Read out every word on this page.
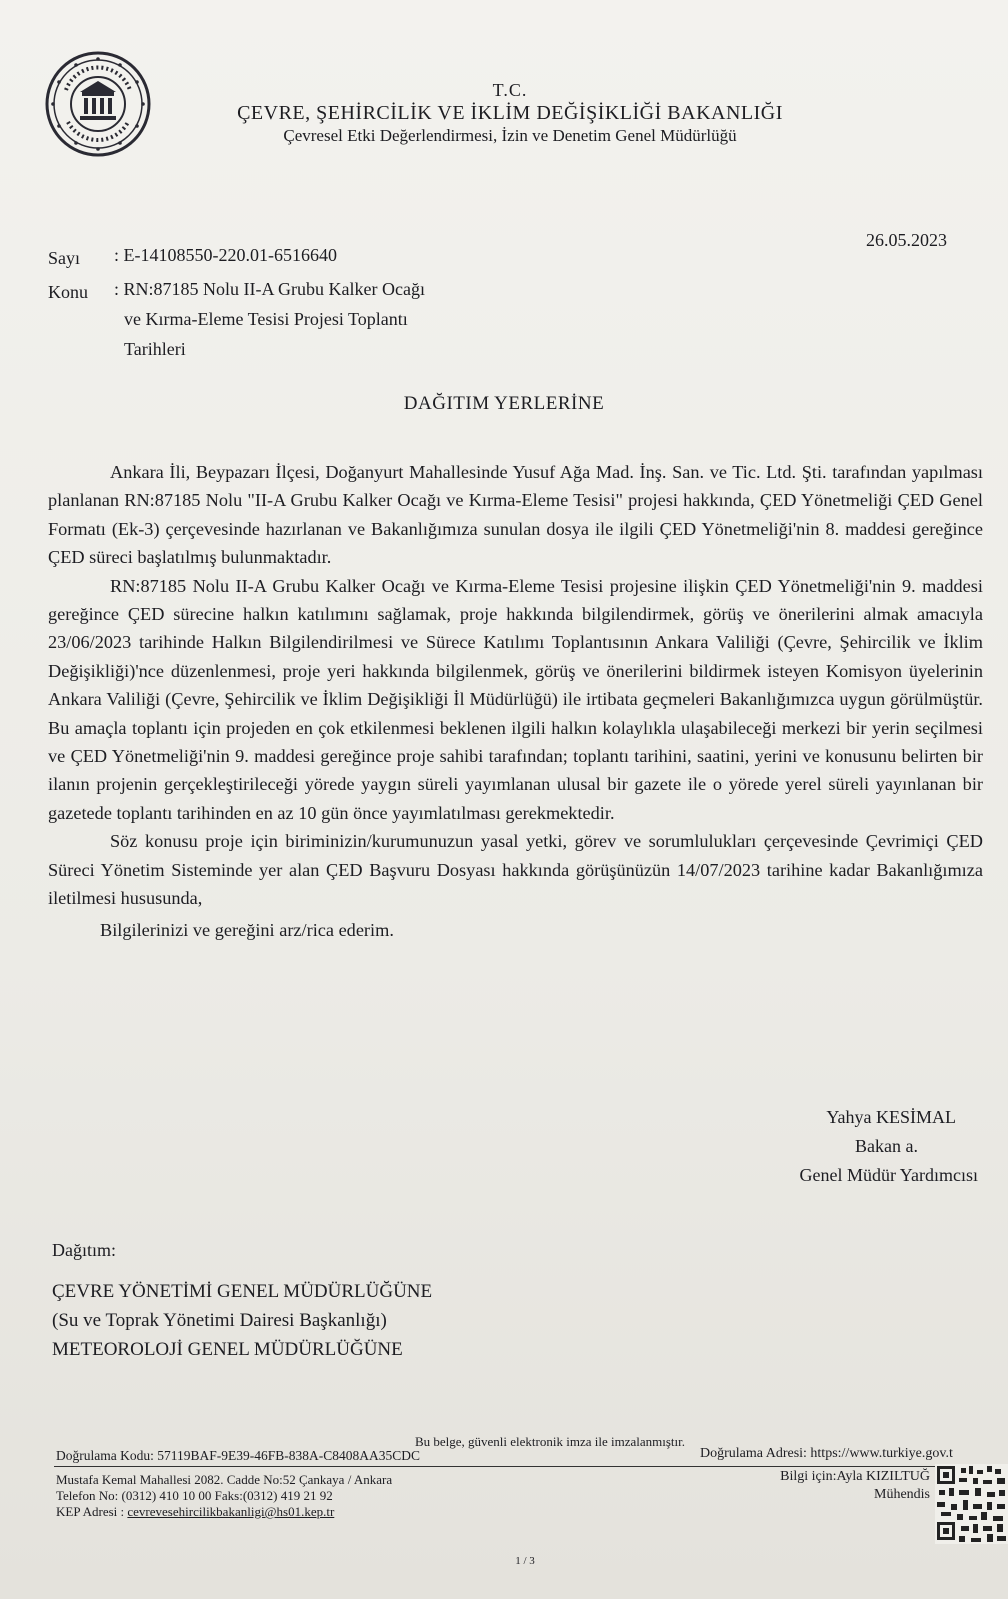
T.C.
ÇEVRE, ŞEHİRCİLİK VE İKLİM DEĞİŞİKLİĞİ BAKANLIĞI
Çevresel Etki Değerlendirmesi, İzin ve Denetim Genel Müdürlüğü
Sayı : E-14108550-220.01-6516640
Konu : RN:87185 Nolu II-A Grubu Kalker Ocağı
ve Kırma-Eleme Tesisi Projesi Toplantı
Tarihleri
26.05.2023
DAĞITIM YERLERİNE

Ankara İli, Beypazarı İlçesi, Doğanyurt Mahallesinde Yusuf Ağa Mad. İnş. San. ve Tic. Ltd. Şti. tarafından yapılması planlanan RN:87185 Nolu "II-A Grubu Kalker Ocağı ve Kırma-Eleme Tesisi" projesi hakkında, ÇED Yönetmeliği ÇED Genel Formatı (Ek-3) çerçevesinde hazırlanan ve Bakanlığımıza sunulan dosya ile ilgili ÇED Yönetmeliği'nin 8. maddesi gereğince ÇED süreci başlatılmış bulunmaktadır.

RN:87185 Nolu II-A Grubu Kalker Ocağı ve Kırma-Eleme Tesisi projesine ilişkin ÇED Yönetmeliği'nin 9. maddesi gereğince ÇED sürecine halkın katılımını sağlamak, proje hakkında bilgilendirmek, görüş ve önerilerini almak amacıyla 23/06/2023 tarihinde Halkın Bilgilendirilmesi ve Sürece Katılımı Toplantısının Ankara Valiliği (Çevre, Şehircilik ve İklim Değişikliği)'nce düzenlenmesi, proje yeri hakkında bilgilenmek, görüş ve önerilerini bildirmek isteyen Komisyon üyelerinin Ankara Valiliği (Çevre, Şehircilik ve İklim Değişikliği İl Müdürlüğü) ile irtibata geçmeleri Bakanlığımızca uygun görülmüştür. Bu amaçla toplantı için projeden en çok etkilenmesi beklenen ilgili halkın kolaylıkla ulaşabileceği merkezi bir yerin seçilmesi ve ÇED Yönetmeliği'nin 9. maddesi gereğince proje sahibi tarafından; toplantı tarihini, saatini, yerini ve konusunu belirten bir ilanın projenin gerçekleştirileceği yörede yaygın süreli yayımlanan ulusal bir gazete ile o yörede yerel süreli yayınlanan bir gazetede toplantı tarihinden en az 10 gün önce yayımlatılması gerekmektedir.

Söz konusu proje için biriminizin/kurumunuzun yasal yetki, görev ve sorumlulukları çerçevesinde Çevrimiçi ÇED Süreci Yönetim Sisteminde yer alan ÇED Başvuru Dosyası hakkında görüşünüzün 14/07/2023 tarihine kadar Bakanlığımıza iletilmesi hususunda,

Bilgilerinizi ve gereğini arz/rica ederim.

Yahya KESİMAL
Bakan a.
Genel Müdür Yardımcısı
Dağıtım:
ÇEVRE YÖNETİMİ GENEL MÜDÜRLÜĞÜNE
(Su ve Toprak Yönetimi Dairesi Başkanlığı)
METEOROLOJİ GENEL MÜDÜRLÜĞÜNE
Bu belge, güvenli elektronik imza ile imzalanmıştır.
Doğrulama Kodu: 57119BAF-9E39-46FB-838A-C8408AA35CDC	Doğrulama Adresi: https://www.turkiye.gov.t
Mustafa Kemal Mahallesi 2082. Cadde No:52 Çankaya / Ankara
Telefon No: (0312) 410 10 00 Faks:(0312) 419 21 92
KEP Adresi : cevrevesehircilikbakanligi@hs01.kep.tr
Bilgi için:Ayla KIZILTUĞ
Mühendis
1 / 3
